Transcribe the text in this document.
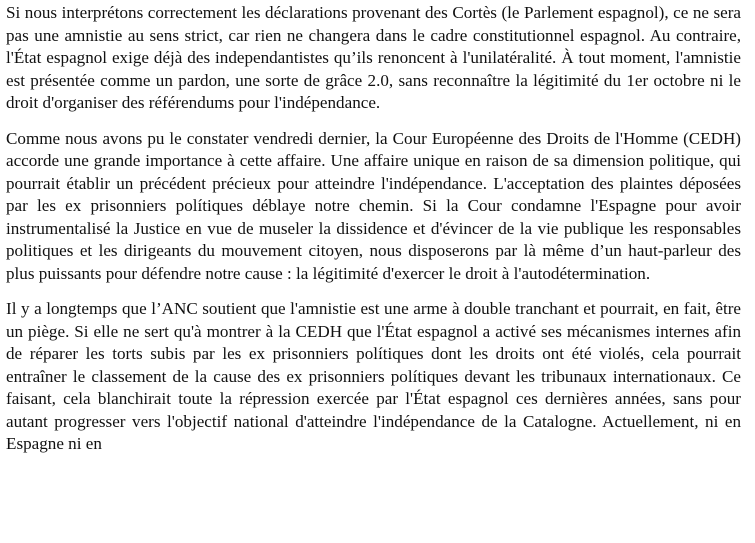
Si nous interprétons correctement les déclarations provenant des Cortès (le Parlement espagnol), ce ne sera pas une amnistie au sens strict, car rien ne changera dans le cadre constitutionnel espagnol. Au contraire, l'État espagnol exige déjà des independantistes qu’ils renoncent à l'unilatéralité. À tout moment, l'amnistie est présentée comme un pardon, une sorte de grâce 2.0, sans reconnaître la légitimité du 1er octobre ni le droit d'organiser des référendums pour l'indépendance.

Comme nous avons pu le constater vendredi dernier, la Cour Européenne des Droits de l'Homme (CEDH) accorde une grande importance à cette affaire. Une affaire unique en raison de sa dimension politique, qui pourrait établir un précédent précieux pour atteindre l'indépendance. L'acceptation des plaintes déposées par les ex prisonniers polítiques déblaye notre chemin. Si la Cour condamne l'Espagne pour avoir instrumentalisé la Justice en vue de museler la dissidence et d'évincer de la vie publique les responsables politiques et les dirigeants du mouvement citoyen, nous disposerons par là même d’un haut-parleur des plus puissants pour défendre notre cause : la légitimité d'exercer le droit à l'autodétermination.

Il y a longtemps que l’ANC soutient que l'amnistie est une arme à double tranchant et pourrait, en fait, être un piège. Si elle ne sert qu'à montrer à la CEDH que l'État espagnol a activé ses mécanismes internes afin de réparer les torts subis par les ex prisonniers polítiques dont les droits ont été violés, cela pourrait entraîner le classement de la cause des ex prisonniers polítiques devant les tribunaux internationaux. Ce faisant, cela blanchirait toute la répression exercée par l'État espagnol ces dernières années, sans pour autant progresser vers l'objectif national d'atteindre l'indépendance de la Catalogne. Actuellement, ni en Espagne ni en
